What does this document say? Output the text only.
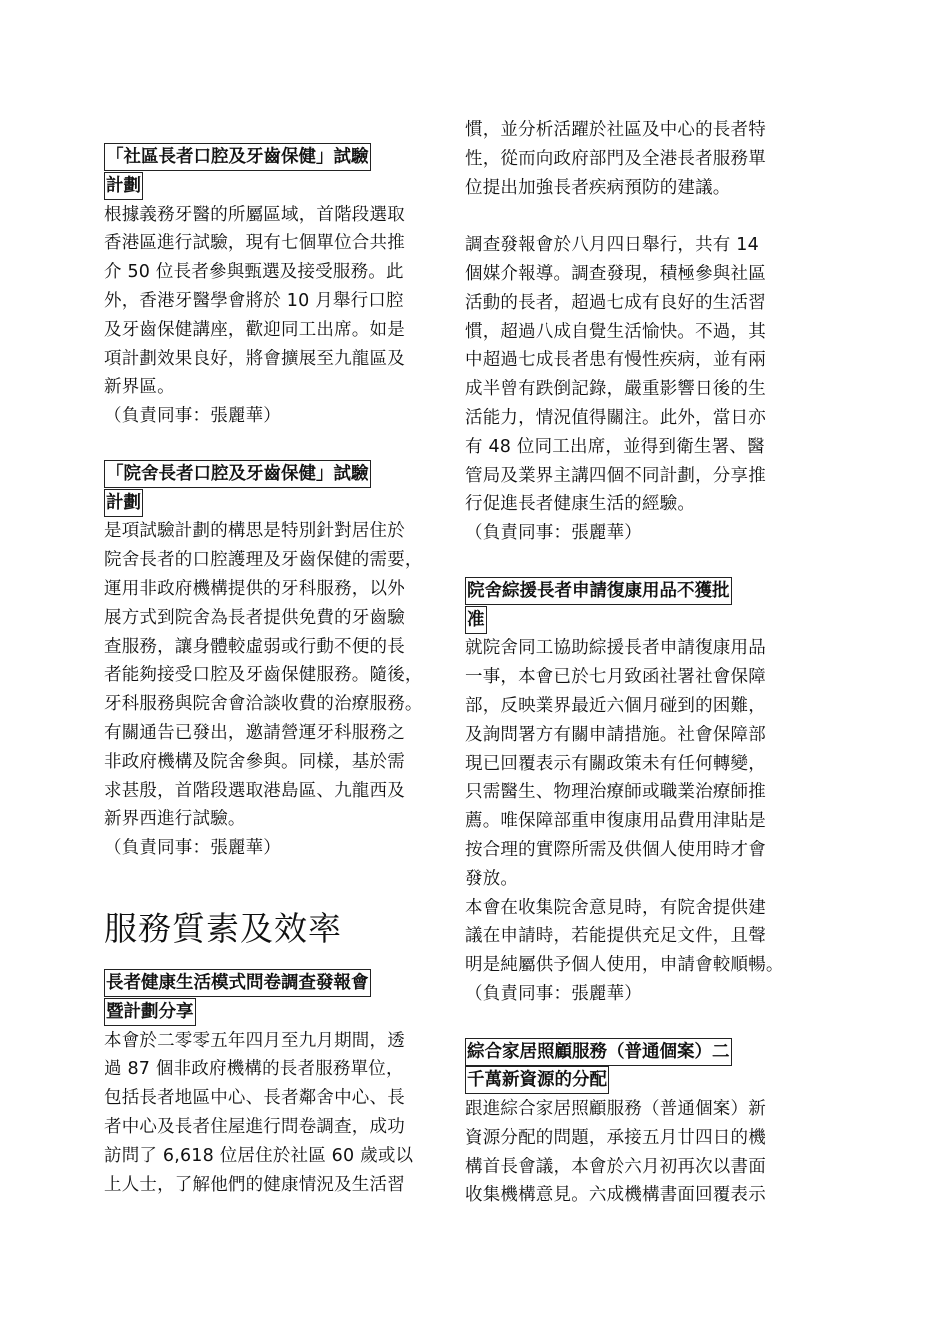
「社區長者口腔及牙齒保健」試驗
計劃

根據義務牙醫的所屬區域，首階段選取

香港區進行試驗，現有七個單位合共推

介 50 位長者參與甄選及接受服務。此

外，香港牙醫學會將於 10 月舉行口腔

及牙齒保健講座，歡迎同工出席。如是

項計劃效果良好，將會擴展至九龍區及

新界區。

（負責同事：張麗華）

「院舍長者口腔及牙齒保健」試驗
計劃

是項試驗計劃的構思是特別針對居住於

院舍長者的口腔護理及牙齒保健的需要，

運用非政府機構提供的牙科服務，以外

展方式到院舍為長者提供免費的牙齒驗

查服務，讓身體較虛弱或行動不便的長

者能夠接受口腔及牙齒保健服務。隨後，

牙科服務與院舍會洽談收費的治療服務。

有關通告已發出，邀請營運牙科服務之

非政府機構及院舍參與。同樣，基於需

求甚殷，首階段選取港島區、九龍西及

新界西進行試驗。

（負責同事：張麗華）

服務質素及效率
長者健康生活模式問卷調查發報會
暨計劃分享

本會於二零零五年四月至九月期間，透

過 87 個非政府機構的長者服務單位，

包括長者地區中心、長者鄰舍中心、長

者中心及長者住屋進行問卷調查，成功

訪問了 6,618 位居住於社區 60 歲或以

上人士，了解他們的健康情況及生活習

慣，並分析活躍於社區及中心的長者特

性，從而向政府部門及全港長者服務單

位提出加強長者疾病預防的建議。

調查發報會於八月四日舉行，共有 14

個媒介報導。調查發現，積極參與社區

活動的長者，超過七成有良好的生活習

慣，超過八成自覺生活愉快。不過，其

中超過七成長者患有慢性疾病，並有兩

成半曾有跌倒記錄，嚴重影響日後的生

活能力，情況值得關注。此外，當日亦

有 48 位同工出席，並得到衛生署、醫

管局及業界主講四個不同計劃，分享推

行促進長者健康生活的經驗。

（負責同事：張麗華）

院舍綜援長者申請復康用品不獲批
准

就院舍同工協助綜援長者申請復康用品

一事，本會已於七月致函社署社會保障

部，反映業界最近六個月碰到的困難，

及詢問署方有關申請措施。社會保障部

現已回覆表示有關政策未有任何轉變，

只需醫生、物理治療師或職業治療師推

薦。唯保障部重申復康用品費用津貼是

按合理的實際所需及供個人使用時才會

發放。

本會在收集院舍意見時，有院舍提供建

議在申請時，若能提供充足文件，且聲

明是純屬供予個人使用，申請會較順暢。

（負責同事：張麗華）

綜合家居照顧服務（普通個案）二
千萬新資源的分配

跟進綜合家居照顧服務（普通個案）新

資源分配的問題，承接五月廿四日的機

構首長會議，本會於六月初再次以書面

收集機構意見。六成機構書面回覆表示
